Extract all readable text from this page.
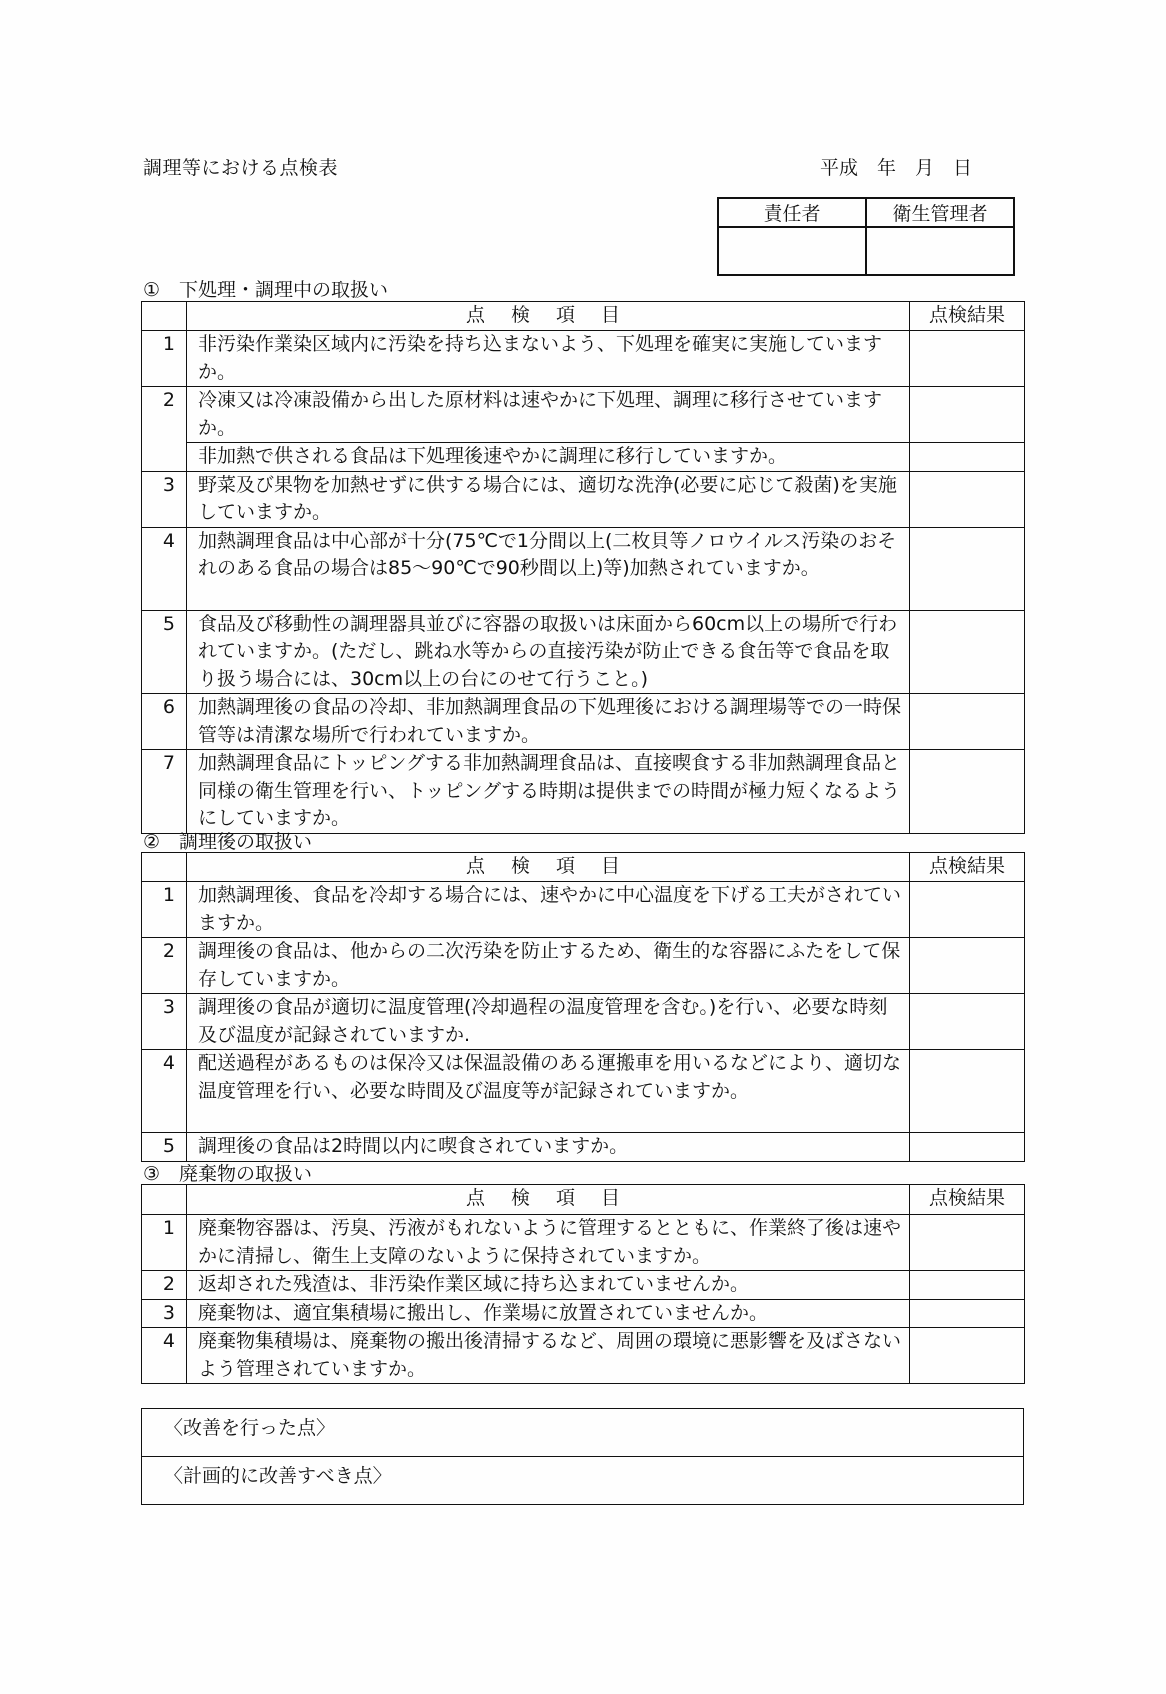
調理等における点検表	平成　年　月　日
責任者	衛生管理者

①　下処理・調理中の取扱い
	点 検 項 目	点検結果
1	非汚染作業染区域内に汚染を持ち込まないよう、下処理を確実に実施していますか。	
2	冷凍又は冷凍設備から出した原材料は速やかに下処理、調理に移行させていますか。	
	非加熱で供される食品は下処理後速やかに調理に移行していますか。	
3	野菜及び果物を加熱せずに供する場合には、適切な洗浄(必要に応じて殺菌)を実施していますか。	
4	加熱調理食品は中心部が十分(75℃で1分間以上(二枚貝等ノロウイルス汚染のおそれのある食品の場合は85～90℃で90秒間以上)等)加熱されていますか。	
5	食品及び移動性の調理器具並びに容器の取扱いは床面から60cm以上の場所で行われていますか。(ただし、跳ね水等からの直接汚染が防止できる食缶等で食品を取り扱う場合には、30cm以上の台にのせて行うこと。)	
6	加熱調理後の食品の冷却、非加熱調理食品の下処理後における調理場等での一時保管等は清潔な場所で行われていますか。	
7	加熱調理食品にトッピングする非加熱調理食品は、直接喫食する非加熱調理食品と同様の衛生管理を行い、トッピングする時期は提供までの時間が極力短くなるようにしていますか。	
②　調理後の取扱い
	点 検 項 目	点検結果
1	加熱調理後、食品を冷却する場合には、速やかに中心温度を下げる工夫がされていますか。	
2	調理後の食品は、他からの二次汚染を防止するため、衛生的な容器にふたをして保存していますか。	
3	調理後の食品が適切に温度管理(冷却過程の温度管理を含む。)を行い、必要な時刻及び温度が記録されていますか.	
4	配送過程があるものは保冷又は保温設備のある運搬車を用いるなどにより、適切な温度管理を行い、必要な時間及び温度等が記録されていますか。	
5	調理後の食品は2時間以内に喫食されていますか。	
③　廃棄物の取扱い
	点 検 項 目	点検結果
1	廃棄物容器は、汚臭、汚液がもれないように管理するとともに、作業終了後は速やかに清掃し、衛生上支障のないように保持されていますか。	
2	返却された残渣は、非汚染作業区域に持ち込まれていませんか。	
3	廃棄物は、適宜集積場に搬出し、作業場に放置されていませんか。	
4	廃棄物集積場は、廃棄物の搬出後清掃するなど、周囲の環境に悪影響を及ばさないよう管理されていますか。	
〈改善を行った点〉
〈計画的に改善すべき点〉
